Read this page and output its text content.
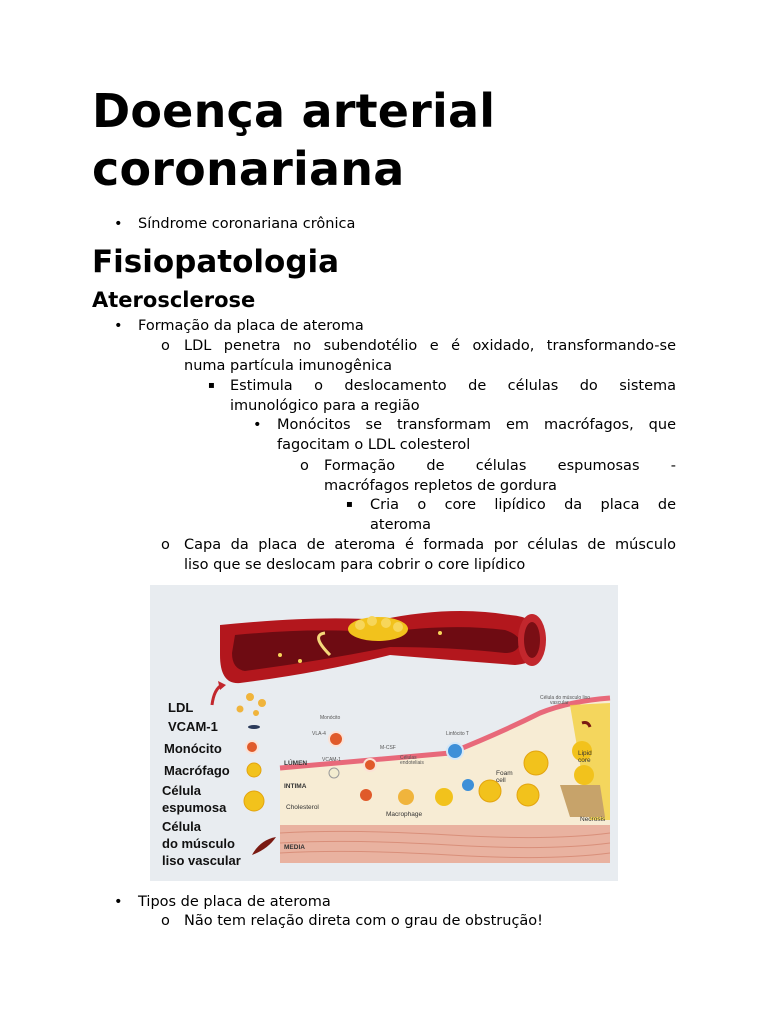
Doença arterial
coronariana
• Síndrome coronariana crônica
Fisiopatologia
Aterosclerose
• Formação da placa de ateroma
o LDL penetra no subendotélio e é oxidado, transformando-se
numa partícula imunogênica
▪ Estimula o deslocamento de células do sistema
imunológico para a região
• Monócitos se transformam em macrófagos, que
fagocitam o LDL colesterol
o Formação de células espumosas -
macrófagos repletos de gordura
▪ Cria o core lipídico da placa de
ateroma
o Capa da placa de ateroma é formada por células de músculo
liso que se deslocam para cobrir o core lipídico
LÚMEN
INTIMA
MEDIA
Cholesterol
Macrophage
Foam cell
Lipid core
Necrosis
Monócito
VLA-4
VCAM-1
M-CSF
Células endoteliais
Linfócito T
Célula do músculo liso vascular
LDL
VCAM-1
Monócito
Macrófago
Célula
espumosa
Célula
do músculo
liso vascular
• Tipos de placa de ateroma
o Não tem relação direta com o grau de obstrução!
